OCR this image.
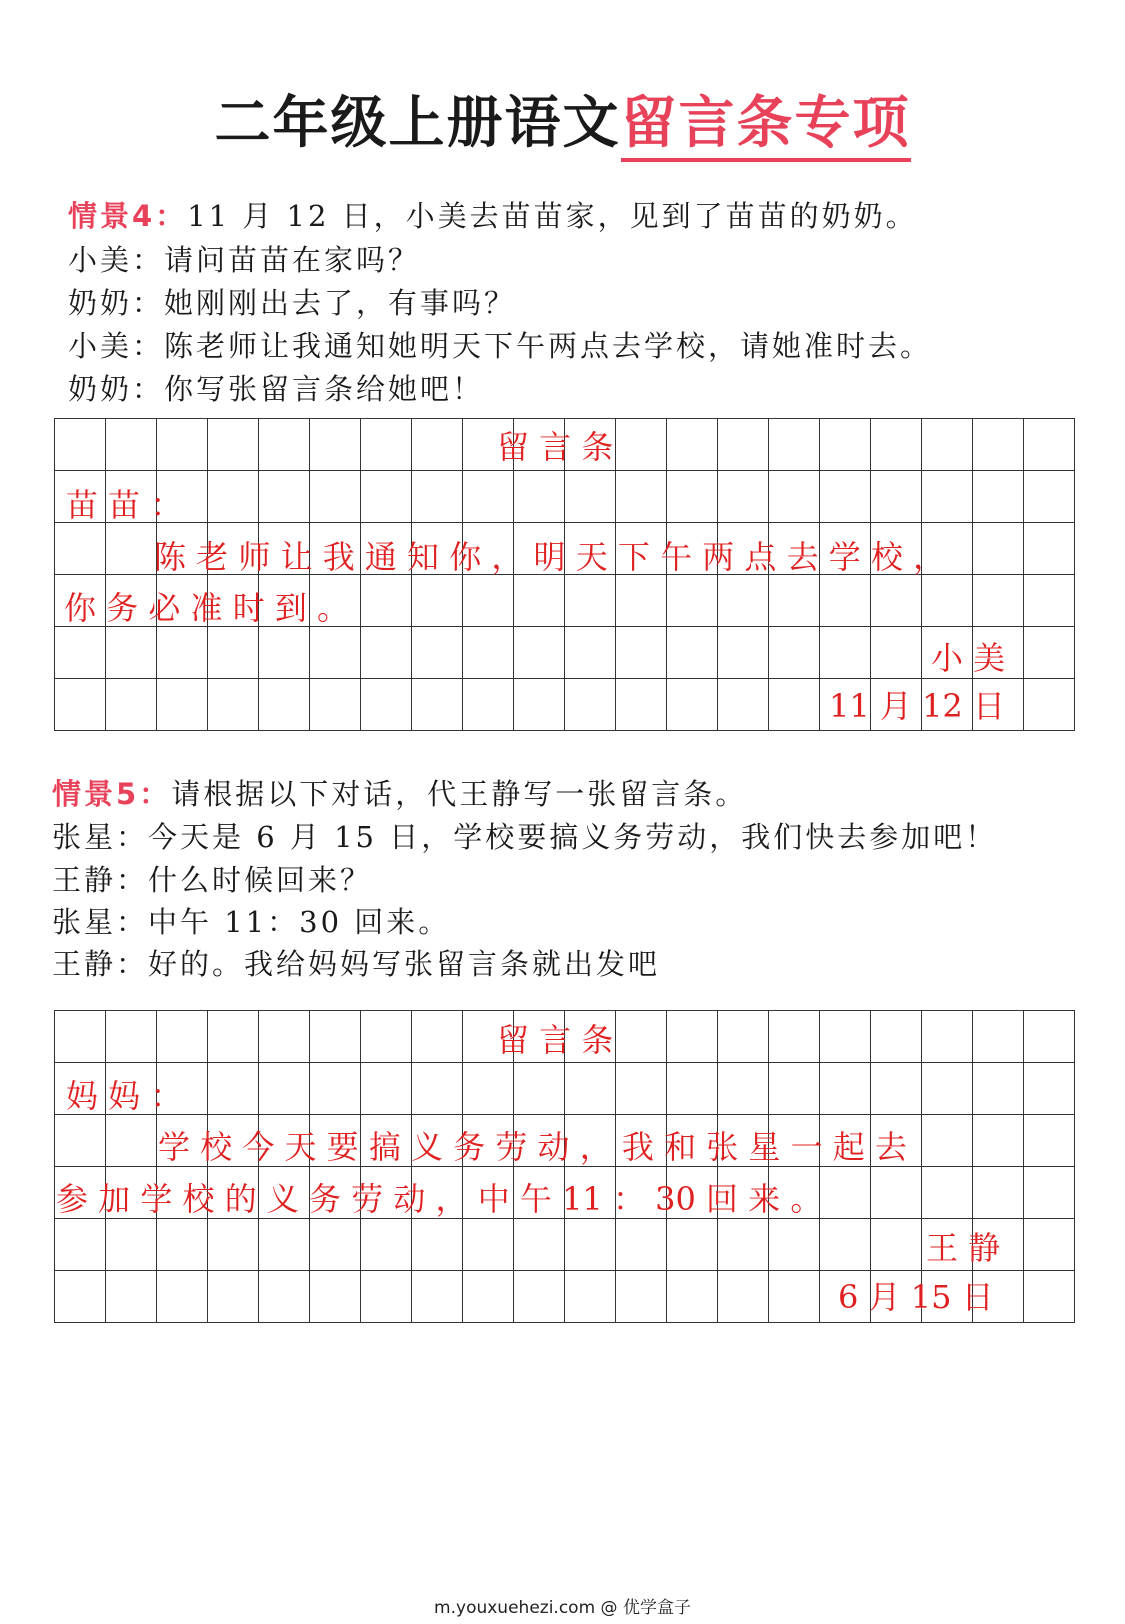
二年级上册语文留言条专项
情景4：11 月 12 日，小美去苗苗家，见到了苗苗的奶奶。
小美：请问苗苗在家吗？
奶奶：她刚刚出去了，有事吗？
小美：陈老师让我通知她明天下午两点去学校，请她准时去。
奶奶：你写张留言条给她吧！

留 言 条
苗 苗 ：
陈 老 师 让 我 通 知 你 ， 明 天 下 午 两 点 去 学 校 ，
你 务 必 准 时 到 。
小 美
11 月 12 日
情景5：请根据以下对话，代王静写一张留言条。
张星：今天是 6 月 15 日，学校要搞义务劳动，我们快去参加吧！
王静：什么时候回来？
张星：中午 11：30 回来。
王静：好的。我给妈妈写张留言条就出发吧

留 言 条
妈 妈 ：
学 校 今 天 要 搞 义 务 劳 动 ， 我 和 张 星 一 起 去
参 加 学 校 的 义 务 劳 动 ， 中 午 11 ： 30 回 来 。
王 静
6 月 15 日
m.youxuehezi.com @ 优学盒子
